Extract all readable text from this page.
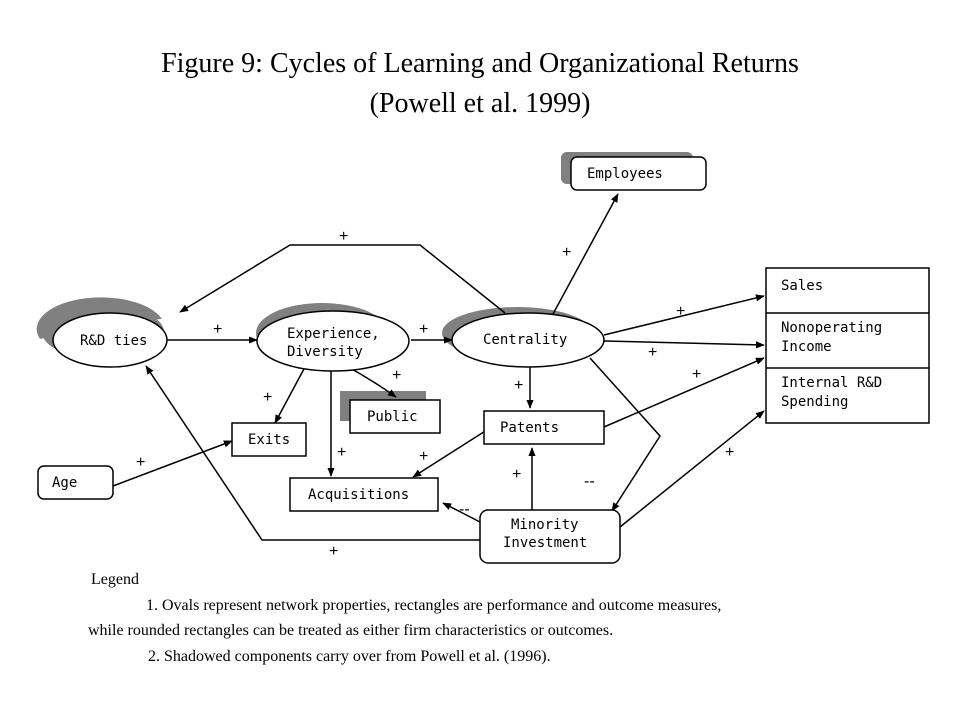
Figure 9: Cycles of Learning and Organizational Returns
(Powell et al. 1999)
R&D ties	Experience,
Diversity
Centrality
Employees
Public
Exits
Age
Patents
Acquisitions
Minority
Investment
Sales
Nonoperating
Income
Internal R&D
Spending
+
+	+
+
+
+
+
+
+
+
+
+
+
+
+
+
--
--
Legend
1. Ovals represent network properties, rectangles are performance and outcome measures,
while rounded rectangles can be treated as either firm characteristics or outcomes.
2. Shadowed components carry over from Powell et al. (1996).
